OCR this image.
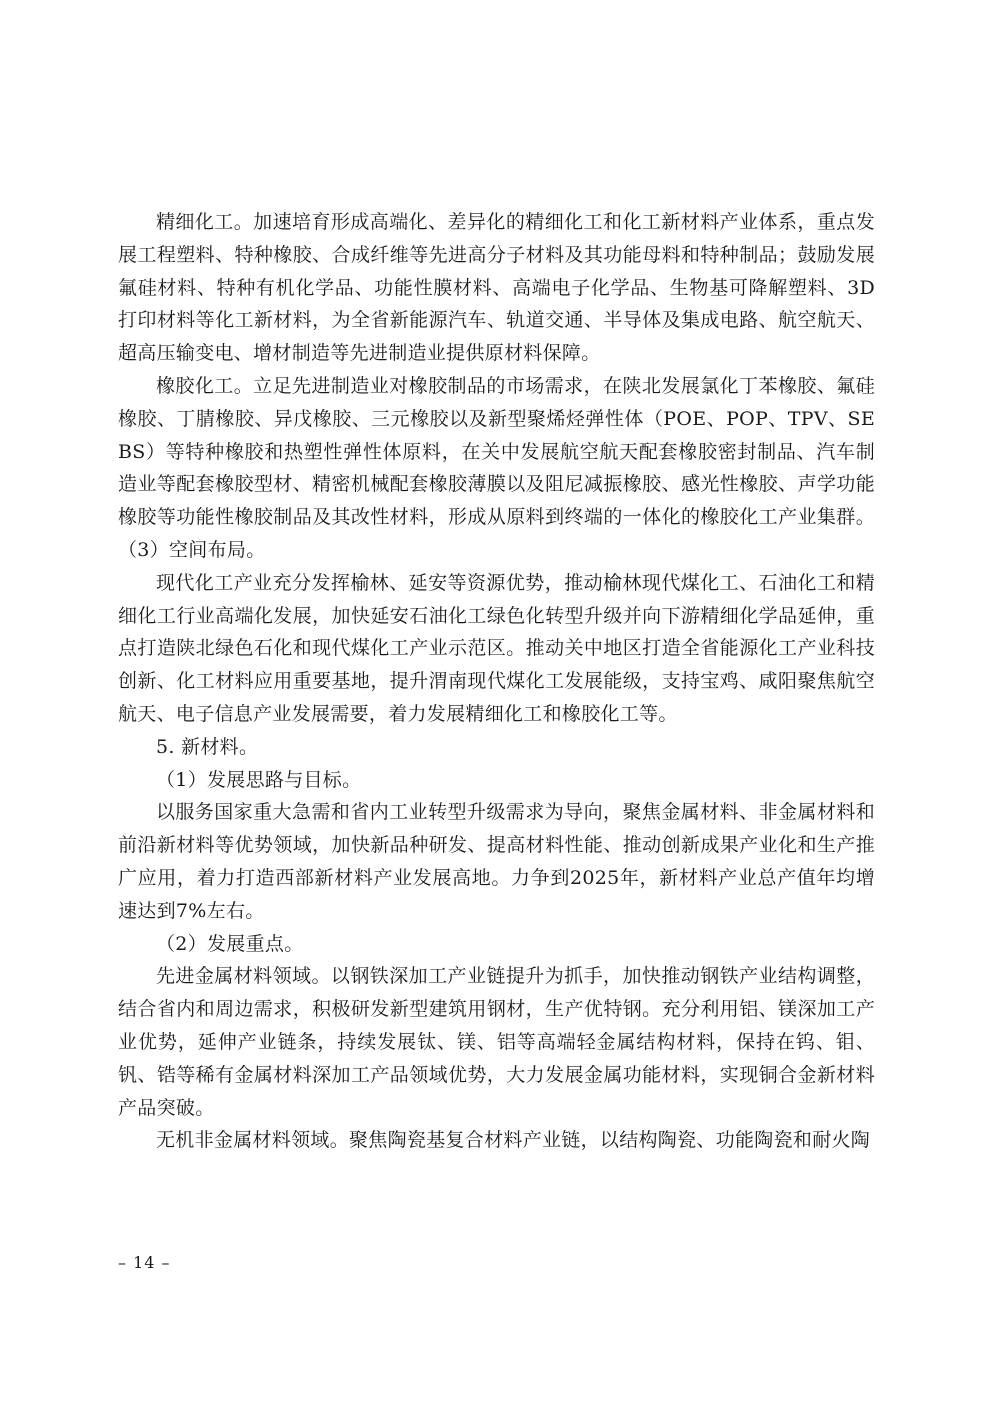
精细化工。加速培育形成高端化、差异化的精细化工和化工新材料产业体系，重点发展工程塑料、特种橡胶、合成纤维等先进高分子材料及其功能母料和特种制品；鼓励发展氟硅材料、特种有机化学品、功能性膜材料、高端电子化学品、生物基可降解塑料、3D打印材料等化工新材料，为全省新能源汽车、轨道交通、半导体及集成电路、航空航天、超高压输变电、增材制造等先进制造业提供原材料保障。

橡胶化工。立足先进制造业对橡胶制品的市场需求，在陕北发展氯化丁苯橡胶、氟硅橡胶、丁腈橡胶、异戊橡胶、三元橡胶以及新型聚烯烃弹性体（POE、POP、TPV、SEBS）等特种橡胶和热塑性弹性体原料，在关中发展航空航天配套橡胶密封制品、汽车制造业等配套橡胶型材、精密机械配套橡胶薄膜以及阻尼减振橡胶、感光性橡胶、声学功能橡胶等功能性橡胶制品及其改性材料，形成从原料到终端的一体化的橡胶化工产业集群。（3）空间布局。

现代化工产业充分发挥榆林、延安等资源优势，推动榆林现代煤化工、石油化工和精细化工行业高端化发展，加快延安石油化工绿色化转型升级并向下游精细化学品延伸，重点打造陕北绿色石化和现代煤化工产业示范区。推动关中地区打造全省能源化工产业科技创新、化工材料应用重要基地，提升渭南现代煤化工发展能级，支持宝鸡、咸阳聚焦航空航天、电子信息产业发展需要，着力发展精细化工和橡胶化工等。

5. 新材料。

（1）发展思路与目标。

以服务国家重大急需和省内工业转型升级需求为导向，聚焦金属材料、非金属材料和前沿新材料等优势领域，加快新品种研发、提高材料性能、推动创新成果产业化和生产推广应用，着力打造西部新材料产业发展高地。力争到2025年，新材料产业总产值年均增速达到7%左右。

（2）发展重点。

先进金属材料领域。以钢铁深加工产业链提升为抓手，加快推动钢铁产业结构调整，结合省内和周边需求，积极研发新型建筑用钢材，生产优特钢。充分利用铝、镁深加工产业优势，延伸产业链条，持续发展钛、镁、铝等高端轻金属结构材料，保持在钨、钼、钒、锆等稀有金属材料深加工产品领域优势，大力发展金属功能材料，实现铜合金新材料产品突破。

无机非金属材料领域。聚焦陶瓷基复合材料产业链，以结构陶瓷、功能陶瓷和耐火陶

– 14 –
